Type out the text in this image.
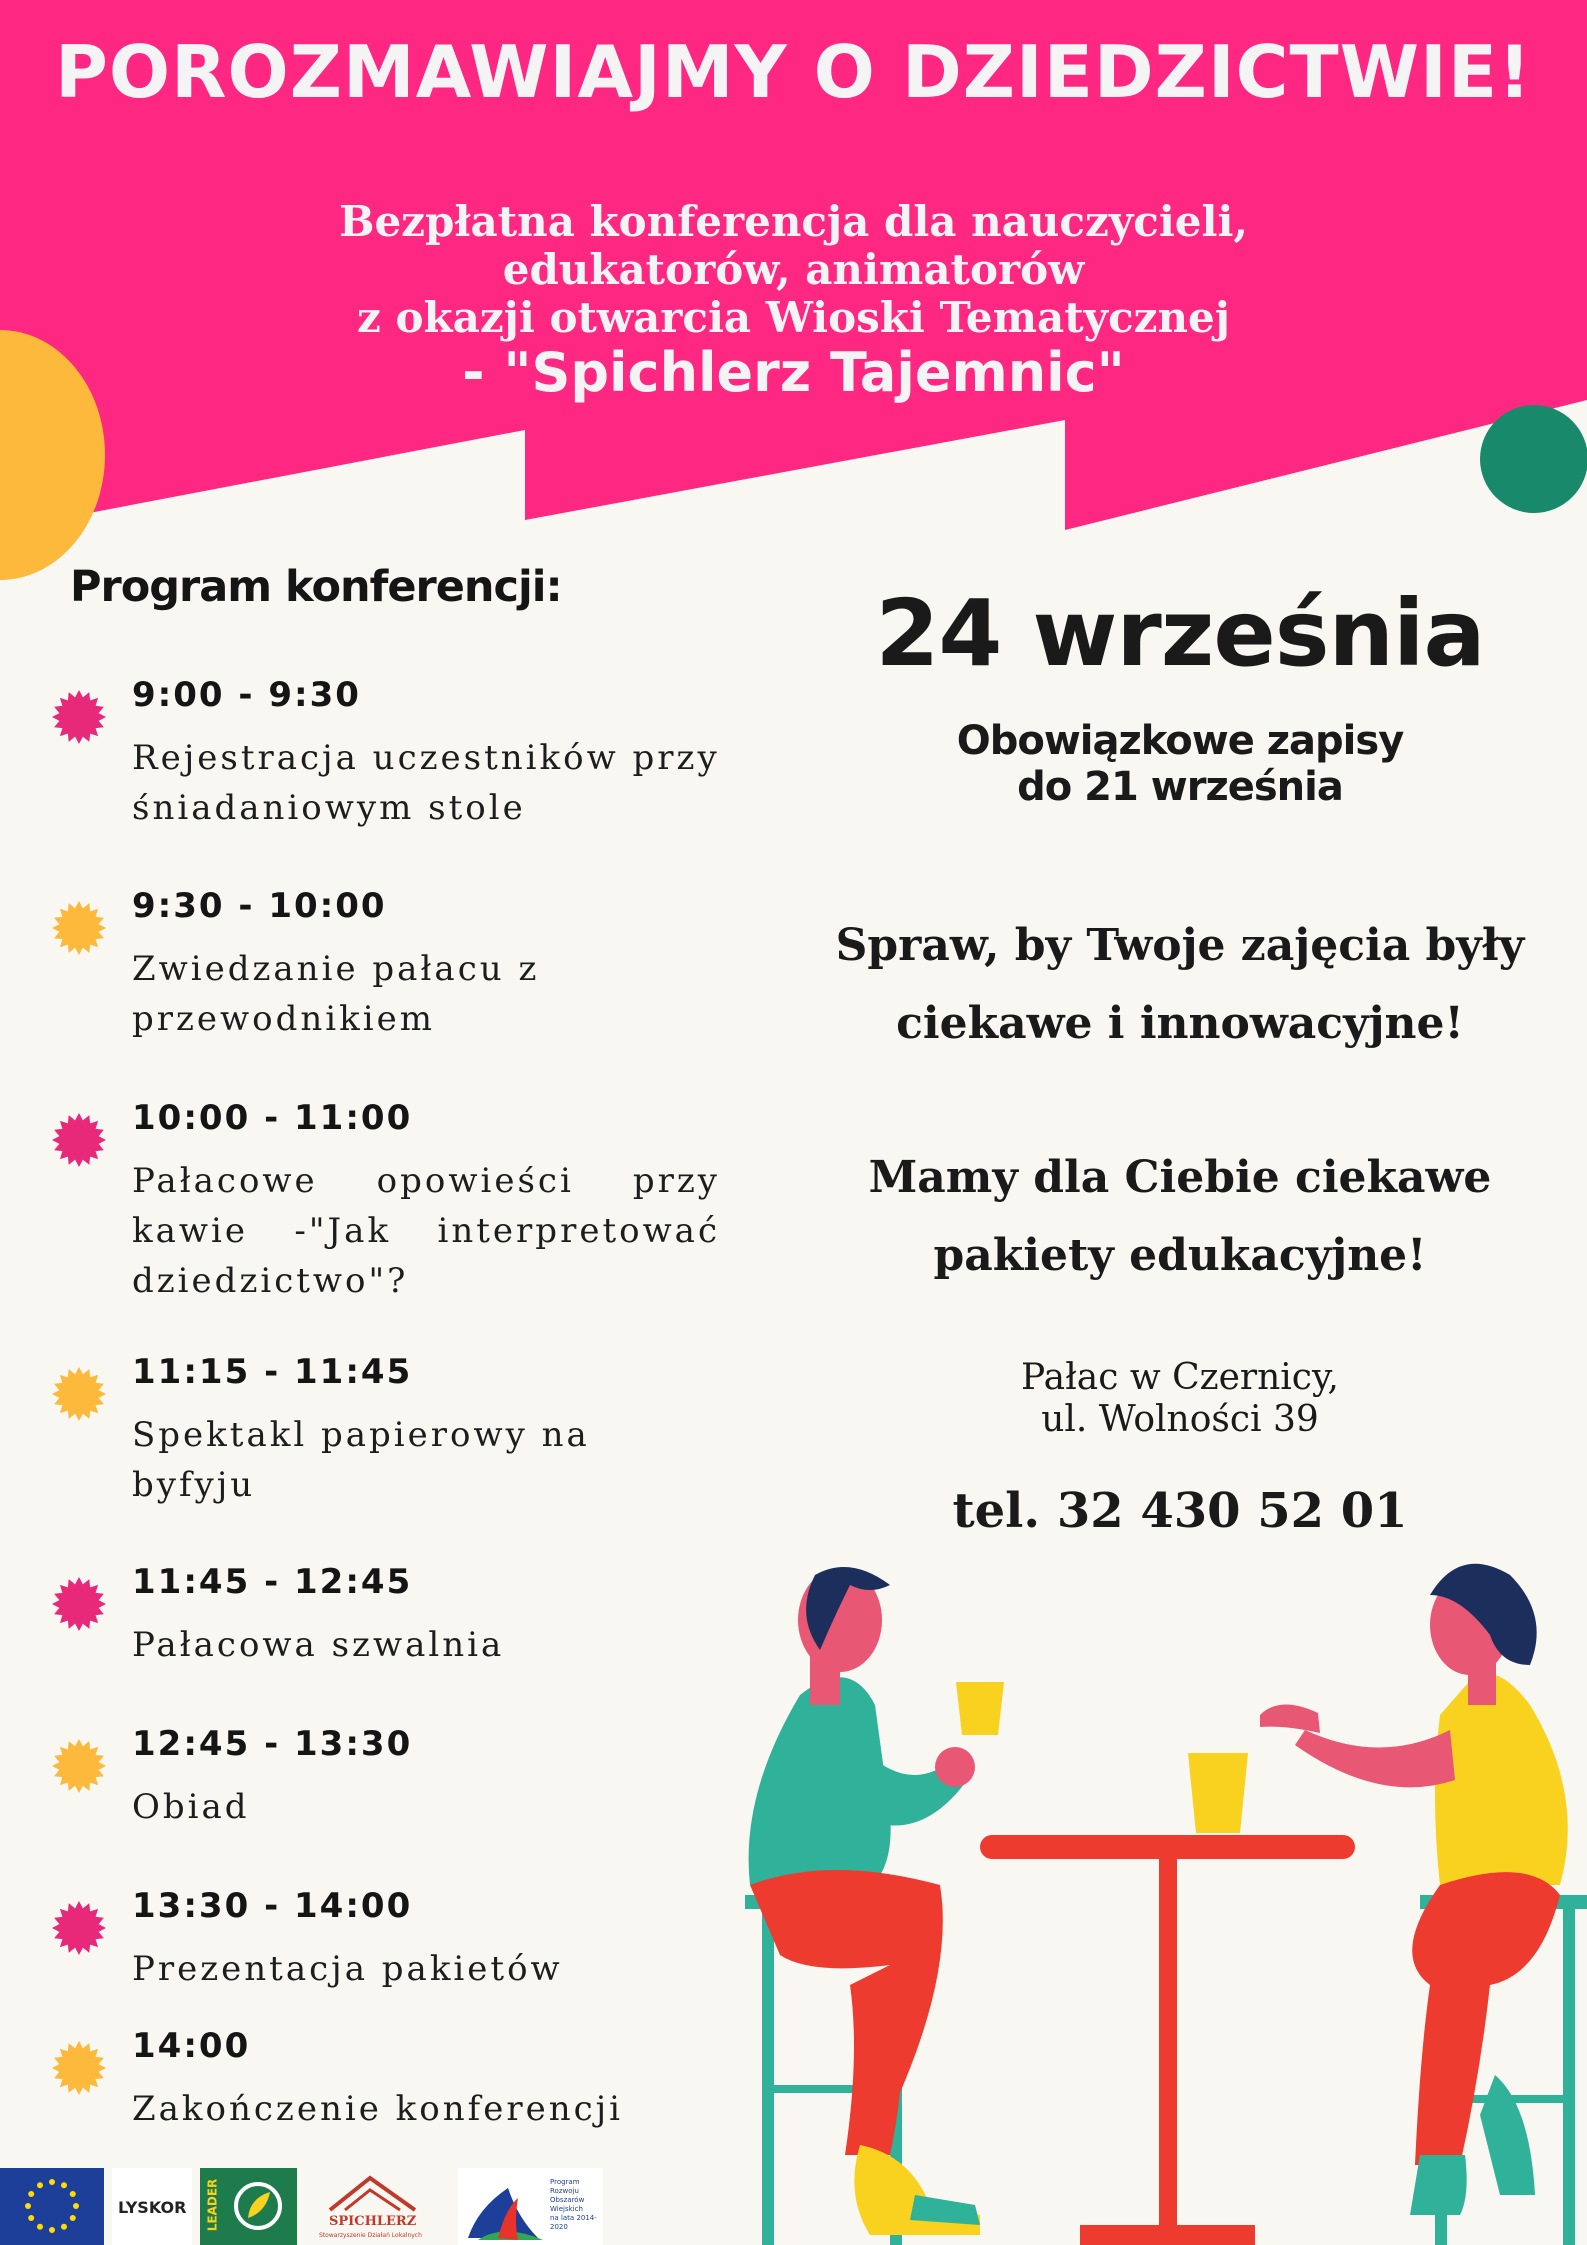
POROZMAWIAJMY O DZIEDZICTWIE!
Bezpłatna konferencja dla nauczycieli,
edukatorów, animatorów
z okazji otwarcia Wioski Tematycznej
- "Spichlerz Tajemnic"
Program konferencji:
9:00 - 9:30
Rejestracja uczestników przy śniadaniowym stole
9:30 - 10:00
Zwiedzanie pałacu z przewodnikiem
10:00 - 11:00
Pałacowe opowieści przy kawie -"Jak interpretować dziedzictwo"?
11:15 - 11:45
Spektakl papierowy na byfyju
11:45 - 12:45
Pałacowa szwalnia
12:45 - 13:30
Obiad
13:30 - 14:00
Prezentacja pakietów
14:00
Zakończenie konferencji
24 września
Obowiązkowe zapisy
do 21 września
Spraw, by Twoje zajęcia były
ciekawe i innowacyjne!
Mamy dla Ciebie ciekawe
pakiety edukacyjne!
Pałac w Czernicy,
ul. Wolności 39
tel. 32 430 52 01
LYSKOR LEADER	SPICHLERZ
Stowarzyszenie Działań Lokalnych
Program
Rozwoju
Obszarów
Wiejskich
na lata 2014-2020
